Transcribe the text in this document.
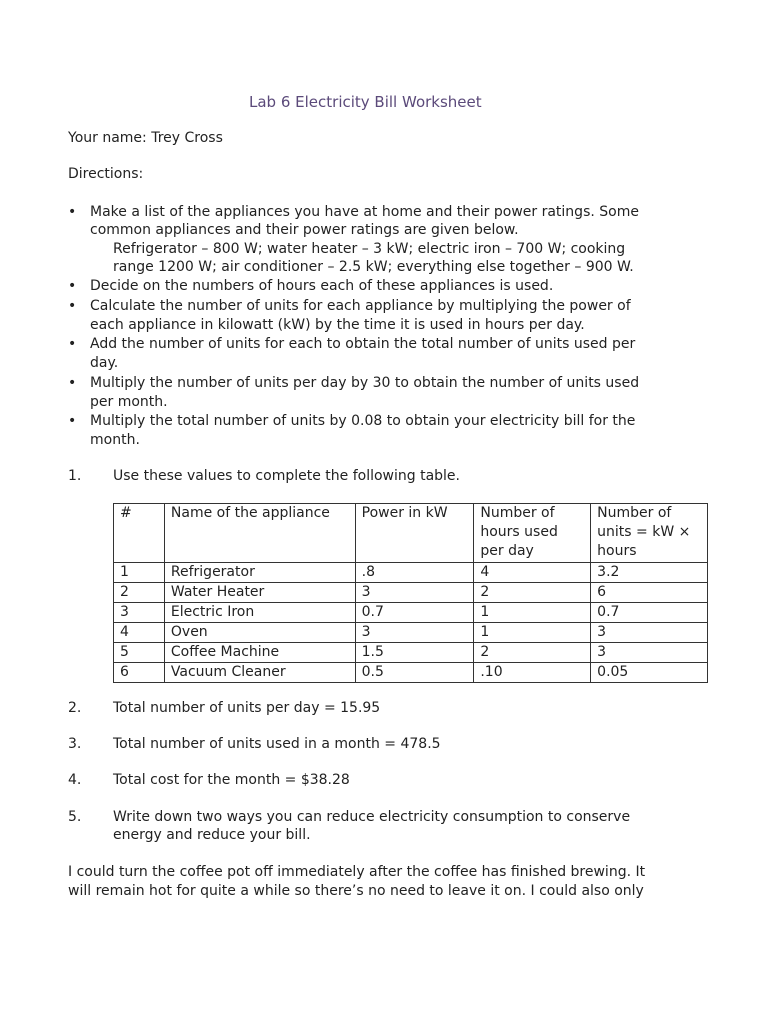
Lab 6 Electricity Bill Worksheet
Your name: Trey Cross
Directions:
• Make a list of the appliances you have at home and their power ratings. Some
common appliances and their power ratings are given below.
Refrigerator – 800 W; water heater – 3 kW; electric iron – 700 W; cooking
range 1200 W; air conditioner – 2.5 kW; everything else together – 900 W.
• Decide on the numbers of hours each of these appliances is used.
• Calculate the number of units for each appliance by multiplying the power of
each appliance in kilowatt (kW) by the time it is used in hours per day.
• Add the number of units for each to obtain the total number of units used per
day.
• Multiply the number of units per day by 30 to obtain the number of units used
per month.
• Multiply the total number of units by 0.08 to obtain your electricity bill for the
month.
1. Use these values to complete the following table.
#	Name of the appliance	Power in kW	Number of hours used per day	Number of units = kW × hours
1	Refrigerator	.8	4	3.2
2	Water Heater	3	2	6
3	Electric Iron	0.7	1	0.7
4	Oven	3	1	3
5	Coffee Machine	1.5	2	3
6	Vacuum Cleaner	0.5	.10	0.05
2. Total number of units per day = 15.95
3. Total number of units used in a month = 478.5
4. Total cost for the month = $38.28
5. Write down two ways you can reduce electricity consumption to conserve
energy and reduce your bill.
I could turn the coffee pot off immediately after the coffee has finished brewing. It
will remain hot for quite a while so there’s no need to leave it on. I could also only
